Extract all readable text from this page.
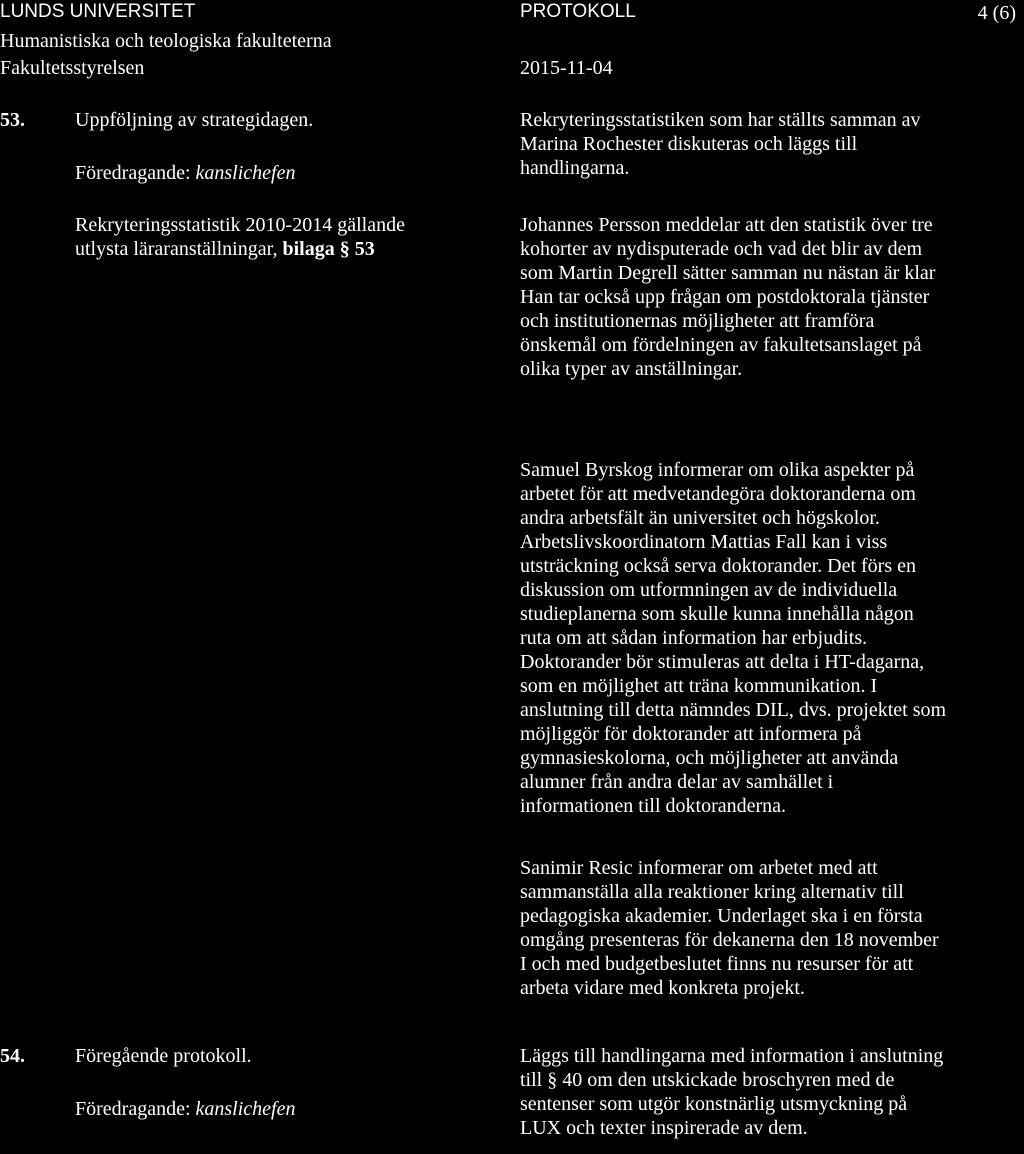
LUNDS UNIVERSITET
Humanistiska och teologiska fakulteterna
Fakultetsstyrelsen
PROTOKOLL
2015-11-04
4 (6)
53.	Uppföljning av strategidagen.
Föredragande: kanslichefen
Rekryteringsstatistik 2010-2014 gällande
utlysta läraranställningar, bilaga § 53
Rekryteringsstatistiken som har ställts samman av
Marina Rochester diskuteras och läggs till
handlingarna.
Johannes Persson meddelar att den statistik över tre
kohorter av nydisputerade och vad det blir av dem
som Martin Degrell sätter samman nu nästan är klar
Han tar också upp frågan om postdoktorala tjänster
och institutionernas möjligheter att framföra
önskemål om fördelningen av fakultetsanslaget på
olika typer av anställningar.
Samuel Byrskog informerar om olika aspekter på
arbetet för att medvetandegöra doktoranderna om
andra arbetsfält än universitet och högskolor.
Arbetslivskoordinatorn Mattias Fall kan i viss
utsträckning också serva doktorander. Det förs en
diskussion om utformningen av de individuella
studieplanerna som skulle kunna innehålla någon
ruta om att sådan information har erbjudits.
Doktorander bör stimuleras att delta i HT-dagarna,
som en möjlighet att träna kommunikation. I
anslutning till detta nämndes DIL, dvs. projektet som
möjliggör för doktorander att informera på
gymnasieskolorna, och möjligheter att använda
alumner från andra delar av samhället i
informationen till doktoranderna.
Sanimir Resic informerar om arbetet med att
sammanställa alla reaktioner kring alternativ till
pedagogiska akademier. Underlaget ska i en första
omgång presenteras för dekanerna den 18 november
I och med budgetbeslutet finns nu resurser för att
arbeta vidare med konkreta projekt.
54.	Föregående protokoll.
Föredragande: kanslichefen
Läggs till handlingarna med information i anslutning
till § 40 om den utskickade broschyren med de
sentenser som utgör konstnärlig utsmyckning på
LUX och texter inspirerade av dem.
